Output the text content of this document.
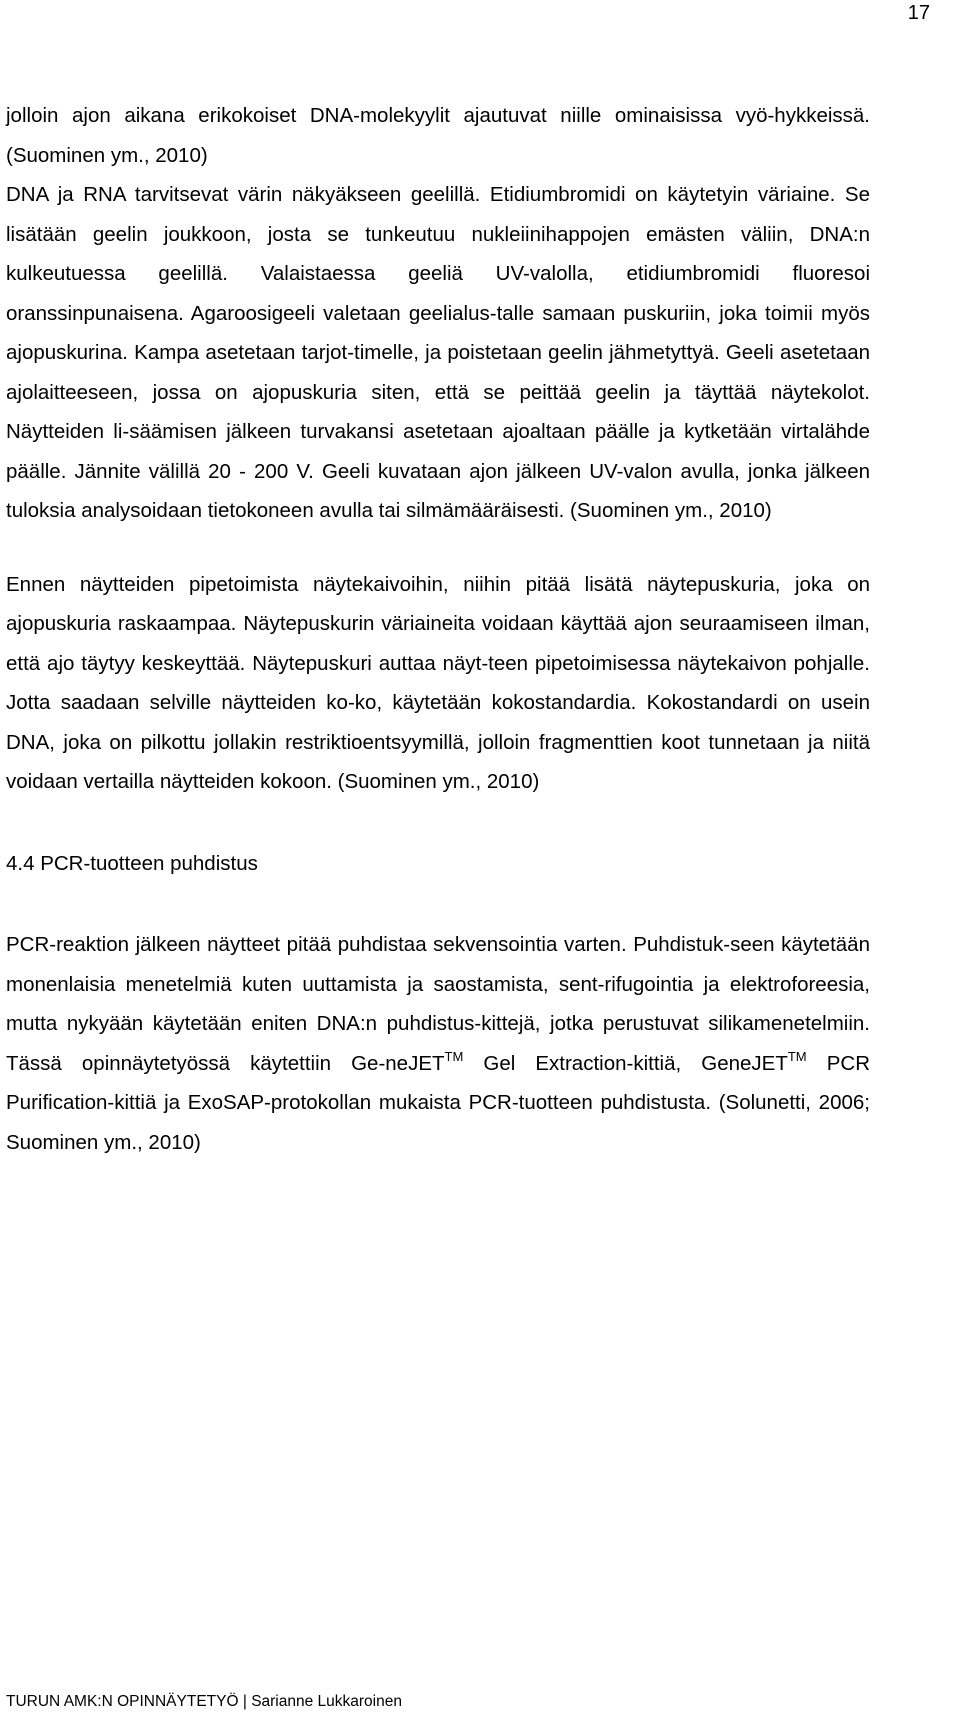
17

jolloin ajon aikana erikokoiset DNA-molekyylit ajautuvat niille ominaisissa vyö-hykkeissä. (Suominen ym., 2010)

DNA ja RNA tarvitsevat värin näkyäkseen geelillä. Etidiumbromidi on käytetyin väriaine. Se lisätään geelin joukkoon, josta se tunkeutuu nukleiinihappojen emästen väliin, DNA:n kulkeutuessa geelillä. Valaistaessa geeliä UV-valolla, etidiumbromidi fluoresoi oranssinpunaisena. Agaroosigeeli valetaan geelialus-talle samaan puskuriin, joka toimii myös ajopuskurina. Kampa asetetaan tarjot-timelle, ja poistetaan geelin jähmetyttyä. Geeli asetetaan ajolaitteeseen, jossa on ajopuskuria siten, että se peittää geelin ja täyttää näytekolot. Näytteiden li-säämisen jälkeen turvakansi asetetaan ajoaltaan päälle ja kytketään virtalähde päälle. Jännite välillä 20 - 200 V. Geeli kuvataan ajon jälkeen UV-valon avulla, jonka jälkeen tuloksia analysoidaan tietokoneen avulla tai silmämääräisesti. (Suominen ym., 2010)

Ennen näytteiden pipetoimista näytekaivoihin, niihin pitää lisätä näytepuskuria, joka on ajopuskuria raskaampaa. Näytepuskurin väriaineita voidaan käyttää ajon seuraamiseen ilman, että ajo täytyy keskeyttää. Näytepuskuri auttaa näyt-teen pipetoimisessa näytekaivon pohjalle. Jotta saadaan selville näytteiden ko-ko, käytetään kokostandardia. Kokostandardi on usein DNA, joka on pilkottu jollakin restriktioentsyymillä, jolloin fragmenttien koot tunnetaan ja niitä voidaan vertailla näytteiden kokoon. (Suominen ym., 2010)

4.4 PCR-tuotteen puhdistus

PCR-reaktion jälkeen näytteet pitää puhdistaa sekvensointia varten. Puhdistuk-seen käytetään monenlaisia menetelmiä kuten uuttamista ja saostamista, sent-rifugointia ja elektroforeesia, mutta nykyään käytetään eniten DNA:n puhdistus-kittejä, jotka perustuvat silikamenetelmiin. Tässä opinnäytetyössä käytettiin Ge-neJET™ Gel Extraction-kittiä, GeneJET™ PCR Purification-kittiä ja ExoSAP-protokollan mukaista PCR-tuotteen puhdistusta. (Solunetti, 2006; Suominen ym., 2010)

TURUN AMK:N OPINNÄYTETYÖ | Sarianne Lukkaroinen
